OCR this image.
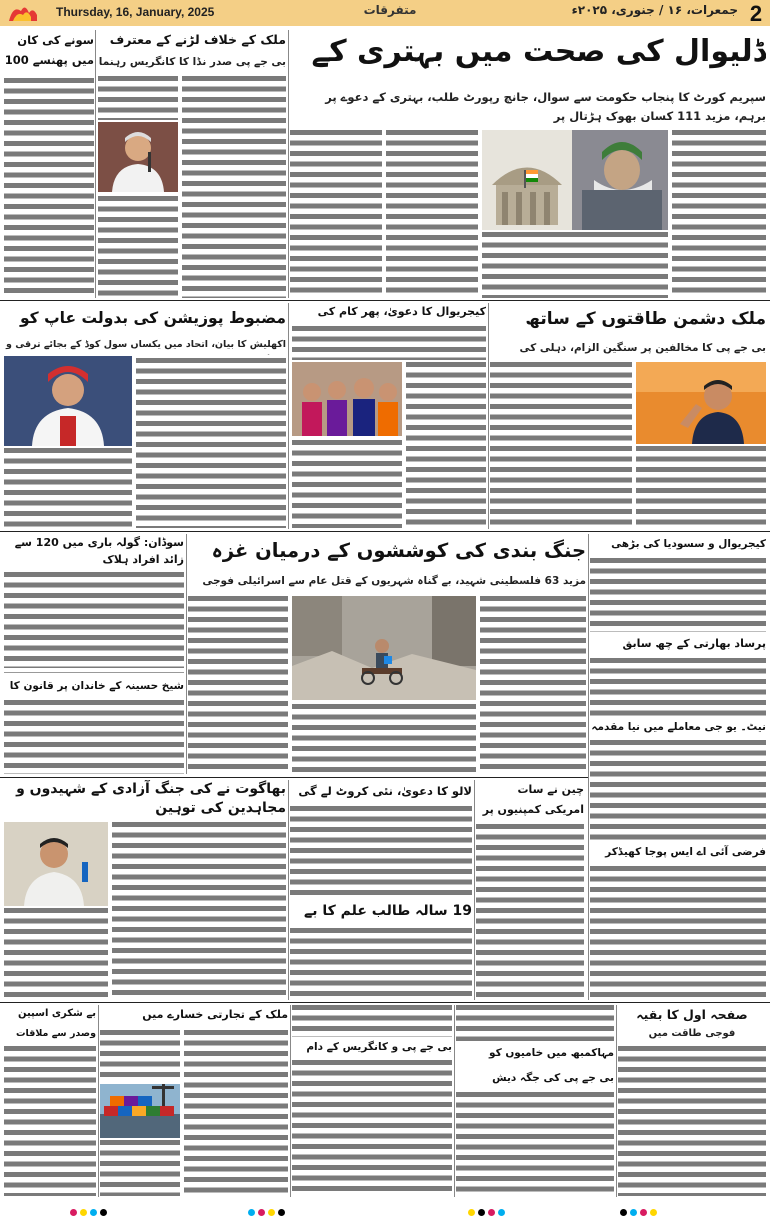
Thursday, 16, January, 2025	متفرقات	جمعرات، ۱۶ / جنوری، ۲۰۲۵ء 2
ڈلیوال کی صحت میں بہتری کے
سپریم کورٹ کا پنجاب حکومت سے سوال، جانچ رپورٹ طلب، بہتری کے دعوے پر برہم، مزید 111 کسان بھوک ہڑتال پر
ملک کے خلاف لڑنے کے معترف
بی جے پی صدر نڈا کا کانگریس رہنما
سونے کی کان میں پھنسے 100
ملک دشمن طاقتوں کے ساتھ
بی جے پی کا مخالفین پر سنگین الزام، دہلی کی
کیجریوال کا دعویٰ، پھر کام کی
مضبوط پوزیشن کی بدولت عاپ کو
اکھلیش کا بیان، اتحاد میں یکساں سول کوڈ کے بجائے ترقی و
جنگ بندی کی کوششوں کے درمیان غزہ
مزید 63 فلسطینی شہید، بے گناہ شہریوں کے قتل عام سے اسرائیلی فوجی
سوڈان: گولہ باری میں 120 سے زائد افراد ہلاک
شیخ حسینہ کے خاندان پر قانون کا
کیجریوال و سسودیا کی بڑھی
پرساد بھارتی کے چھ سابق
نیٹ۔ یو جی معاملے میں نیا مقدمہ
بھاگوت نے کی جنگ آزادی کے شہیدوں و مجاہدین کی توہین
لالو کا دعویٰ، نئی کروٹ لے گی
19 سالہ طالب علم کا بے
چین نے سات امریکی کمپنیوں پر
فرضی آئی اے ایس پوجا کھیڈکر
صفحہ اول کا بقیہ
فوجی طاقت میں
مہاکمبھ میں خامیوں کو
بی جے پی کی جگہ دیش
بی جے پی و کانگریس کے دام
ملک کے تجارتی خسارے میں
بے شکری اسپین
وصدر سے ملاقات
